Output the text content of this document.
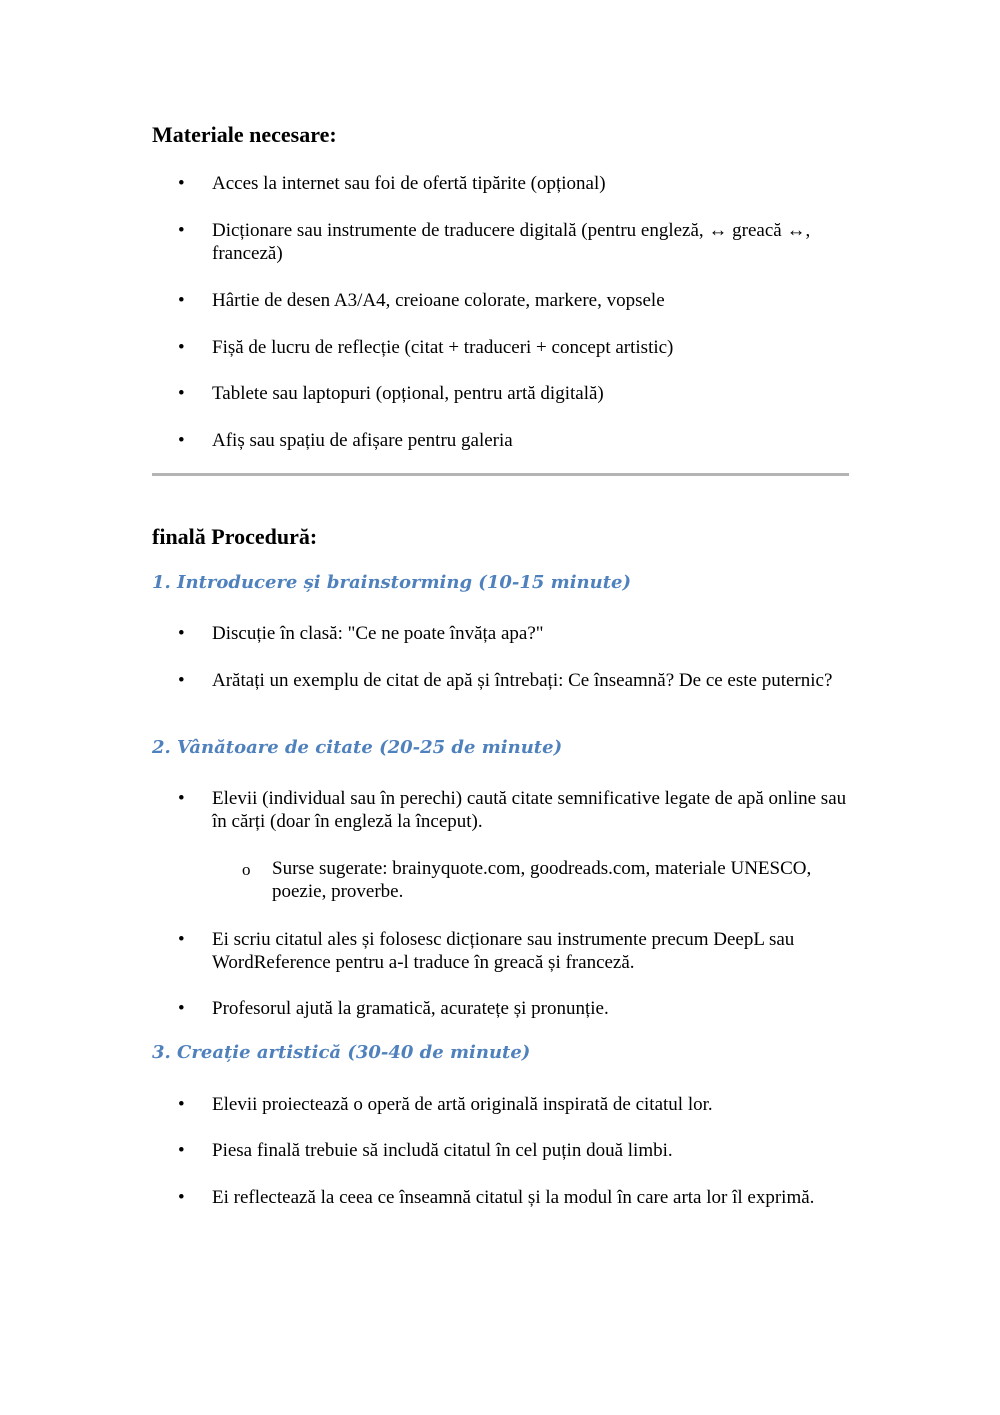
Materiale necesare:
• Acces la internet sau foi de ofertă tipărite (opțional)

• Dicționare sau instrumente de traducere digitală (pentru engleză, ↔ greacă ↔, franceză)

• Hârtie de desen A3/A4, creioane colorate, markere, vopsele

• Fișă de lucru de reflecție (citat + traduceri + concept artistic)

• Tablete sau laptopuri (opțional, pentru artă digitală)

• Afiș sau spațiu de afișare pentru galeria

finală Procedură:
1. Introducere și brainstorming (10-15 minute)
• Discuție în clasă: "Ce ne poate învăța apa?"

• Arătați un exemplu de citat de apă și întrebați: Ce înseamnă? De ce este puternic?

2. Vânătoare de citate (20-25 de minute)
• Elevii (individual sau în perechi) caută citate semnificative legate de apă online sau în cărți (doar în engleză la început).

o Surse sugerate: brainyquote.com, goodreads.com, materiale UNESCO, poezie, proverbe.

• Ei scriu citatul ales și folosesc dicționare sau instrumente precum DeepL sau WordReference pentru a-l traduce în greacă și franceză.

• Profesorul ajută la gramatică, acuratețe și pronunție.

3. Creație artistică (30-40 de minute)
• Elevii proiectează o operă de artă originală inspirată de citatul lor.

• Piesa finală trebuie să includă citatul în cel puțin două limbi.

• Ei reflectează la ceea ce înseamnă citatul și la modul în care arta lor îl exprimă.
